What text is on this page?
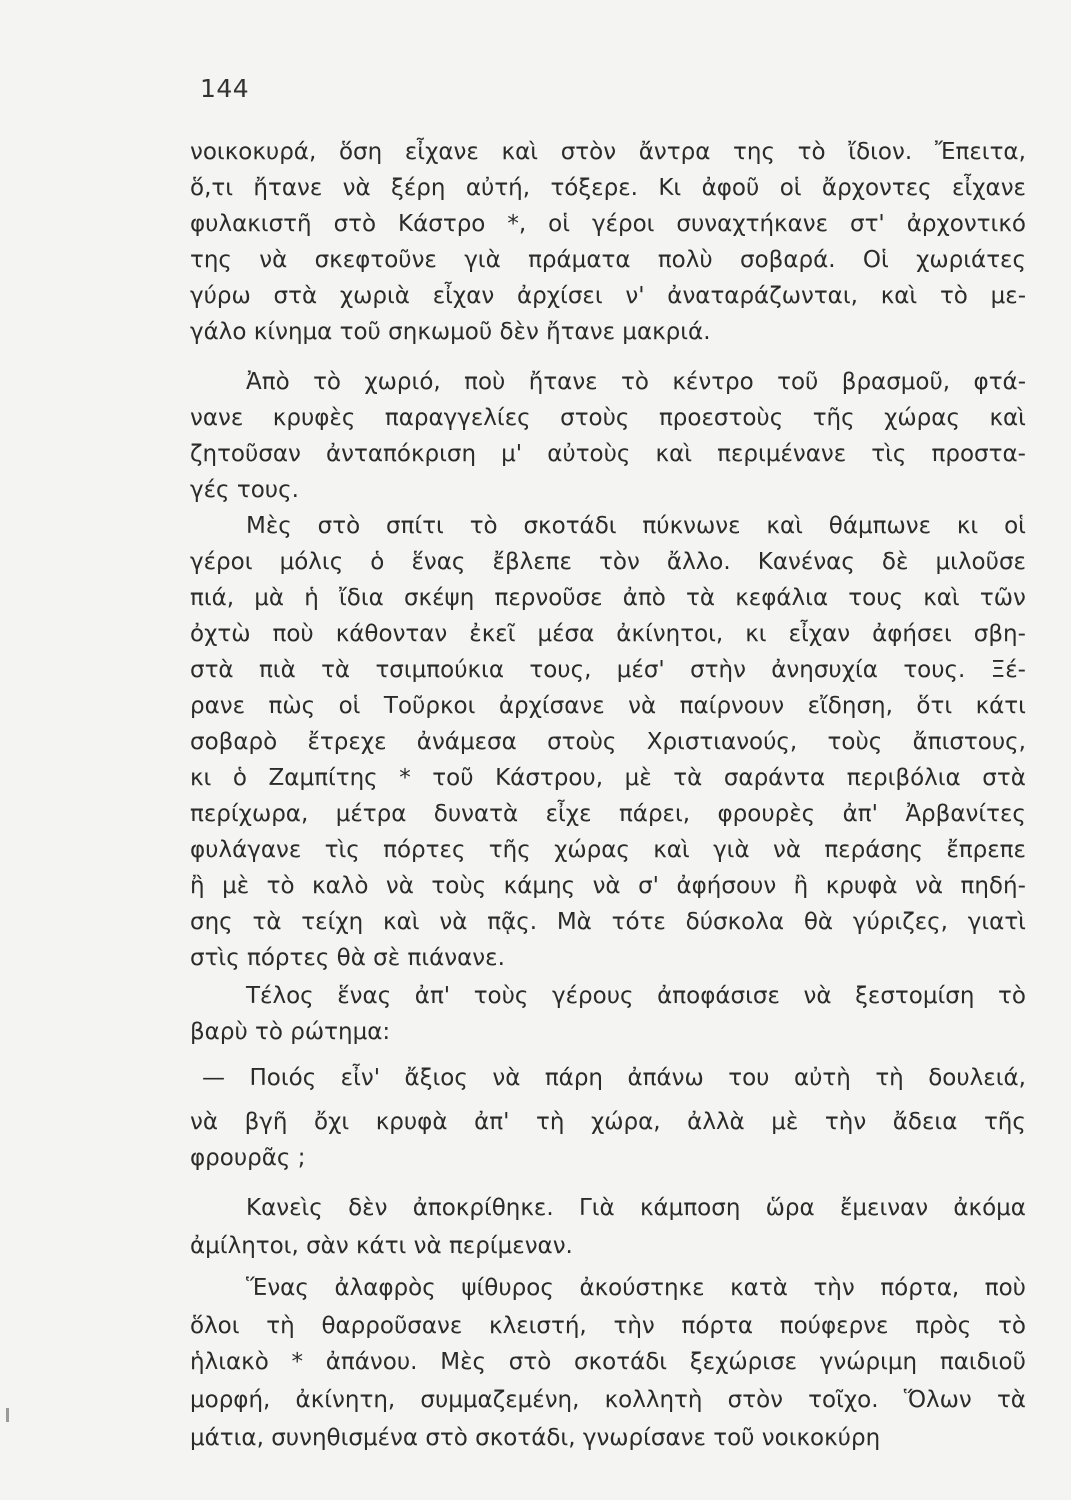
144
νοικοκυρά, ὅση εἶχανε καὶ στὸν ἄντρα της τὸ ἴδιον. Ἔπειτα,
ὅ,τι ἤτανε νὰ ξέρη αὐτή, τόξερε. Κι ἀφοῦ οἱ ἄρχοντες εἶχανε
φυλακιστῆ στὸ Κάστρο *, οἱ γέροι συναχτήκανε στ' ἀρχοντικό
της νὰ σκεφτοῦνε γιὰ πράματα πολὺ σοβαρά. Οἱ χωριάτες
γύρω στὰ χωριὰ εἶχαν ἀρχίσει ν' ἀναταράζωνται, καὶ τὸ με-
γάλο κίνημα τοῦ σηκωμοῦ δὲν ἤτανε μακριά.
Ἀπὸ τὸ χωριό, ποὺ ἤτανε τὸ κέντρο τοῦ βρασμοῦ, φτά-
νανε κρυφὲς παραγγελίες στοὺς προεστοὺς τῆς χώρας καὶ
ζητοῦσαν ἀνταπόκριση μ' αὐτοὺς καὶ περιμένανε τὶς προστα-
γές τους.
Μὲς στὸ σπίτι τὸ σκοτάδι πύκνωνε καὶ θάμπωνε κι οἱ
γέροι μόλις ὁ ἕνας ἔβλεπε τὸν ἄλλο. Κανένας δὲ μιλοῦσε
πιά, μὰ ἡ ἴδια σκέψη περνοῦσε ἀπὸ τὰ κεφάλια τους καὶ τῶν
ὀχτὼ ποὺ κάθονταν ἐκεῖ μέσα ἀκίνητοι, κι εἶχαν ἀφήσει σβη-
στὰ πιὰ τὰ τσιμπούκια τους, μέσ' στὴν ἀνησυχία τους. Ξέ-
ρανε πὼς οἱ Τοῦρκοι ἀρχίσανε νὰ παίρνουν εἴδηση, ὅτι κάτι
σοβαρὸ ἔτρεχε ἀνάμεσα στοὺς Χριστιανούς, τοὺς ἄπιστους,
κι ὁ Ζαμπίτης * τοῦ Κάστρου, μὲ τὰ σαράντα περιβόλια στὰ
περίχωρα, μέτρα δυνατὰ εἶχε πάρει, φρουρὲς ἀπ' Ἀρβανίτες
φυλάγανε τὶς πόρτες τῆς χώρας καὶ γιὰ νὰ περάσης ἔπρεπε
ἢ μὲ τὸ καλὸ νὰ τοὺς κάμης νὰ σ' ἀφήσουν ἢ κρυφὰ νὰ πηδή-
σης τὰ τείχη καὶ νὰ πᾷς. Μὰ τότε δύσκολα θὰ γύριζες, γιατὶ
στὶς πόρτες θὰ σὲ πιάνανε.
Τέλος ἕνας ἀπ' τοὺς γέρους ἀποφάσισε νὰ ξεστομίση τὸ
βαρὺ τὸ ρώτημα:
— Ποιός εἶν' ἄξιος νὰ πάρη ἀπάνω του αὐτὴ τὴ δουλειά,
νὰ βγῆ ὄχι κρυφὰ ἀπ' τὴ χώρα, ἀλλὰ μὲ τὴν ἄδεια τῆς
φρουρᾶς ;
Κανεὶς δὲν ἀποκρίθηκε. Γιὰ κάμποση ὥρα ἔμειναν ἀκόμα
ἀμίλητοι, σὰν κάτι νὰ περίμεναν.
Ἕνας ἀλαφρὸς ψίθυρος ἀκούστηκε κατὰ τὴν πόρτα, ποὺ
ὅλοι τὴ θαρροῦσανε κλειστή, τὴν πόρτα πούφερνε πρὸς τὸ
ἡλιακὸ * ἀπάνου. Μὲς στὸ σκοτάδι ξεχώρισε γνώριμη παιδιοῦ
μορφή, ἀκίνητη, συμμαζεμένη, κολλητὴ στὸν τοῖχο. Ὅλων τὰ
μάτια, συνηθισμένα στὸ σκοτάδι, γνωρίσανε τοῦ νοικοκύρη
